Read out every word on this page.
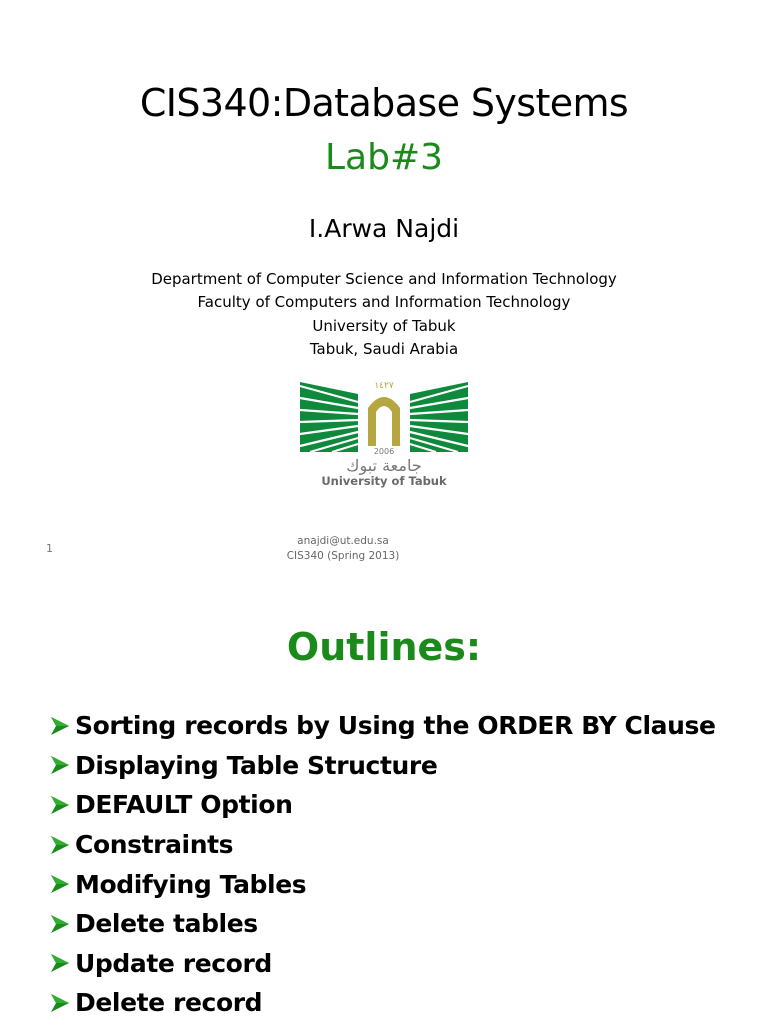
CIS340:Database Systems
Lab#3
I.Arwa Najdi
Department of Computer Science and Information Technology
Faculty of Computers and Information Technology
University of Tabuk
Tabuk, Saudi Arabia
١٤٢٧
2006
جامعة تبوك
University of Tabuk
1
anajdi@ut.edu.sa
CIS340 (Spring 2013)
Outlines:
Sorting records by Using the ORDER BY Clause
Displaying Table Structure
DEFAULT Option
Constraints
Modifying Tables
Delete tables
Update record
Delete record
